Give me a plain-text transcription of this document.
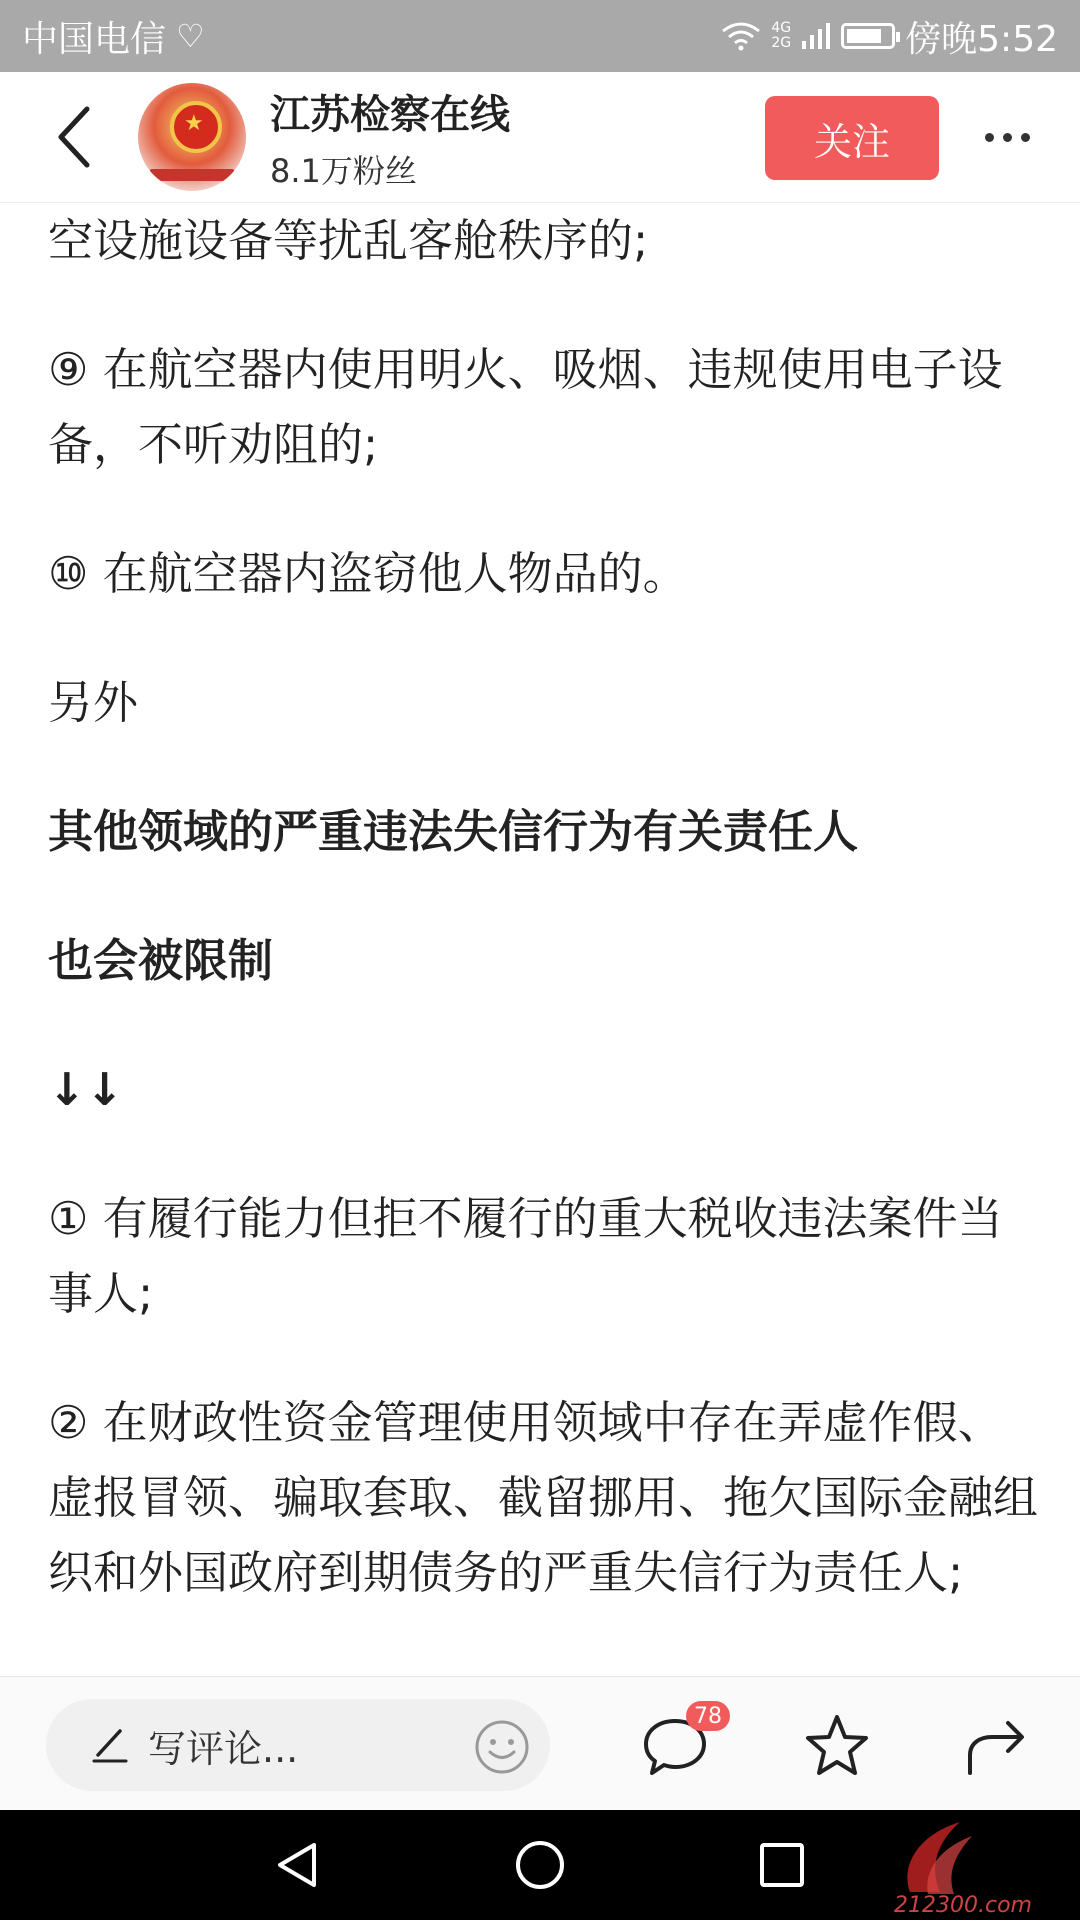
中国电信 ♡	4G
2G	傍晚5:52
★
江苏检察在线
8.1万粉丝
关注

空设施设备等扰乱客舱秩序的;

⑨ 在航空器内使用明火、吸烟、违规使用电子设备，不听劝阻的;

⑩ 在航空器内盗窃他人物品的。

另外

其他领域的严重违法失信行为有关责任人

也会被限制

↓↓

① 有履行能力但拒不履行的重大税收违法案件当事人;

② 在财政性资金管理使用领域中存在弄虚作假、虚报冒领、骗取套取、截留挪用、拖欠国际金融组织和外国政府到期债务的严重失信行为责任人;

写评论...
78
212300.com
